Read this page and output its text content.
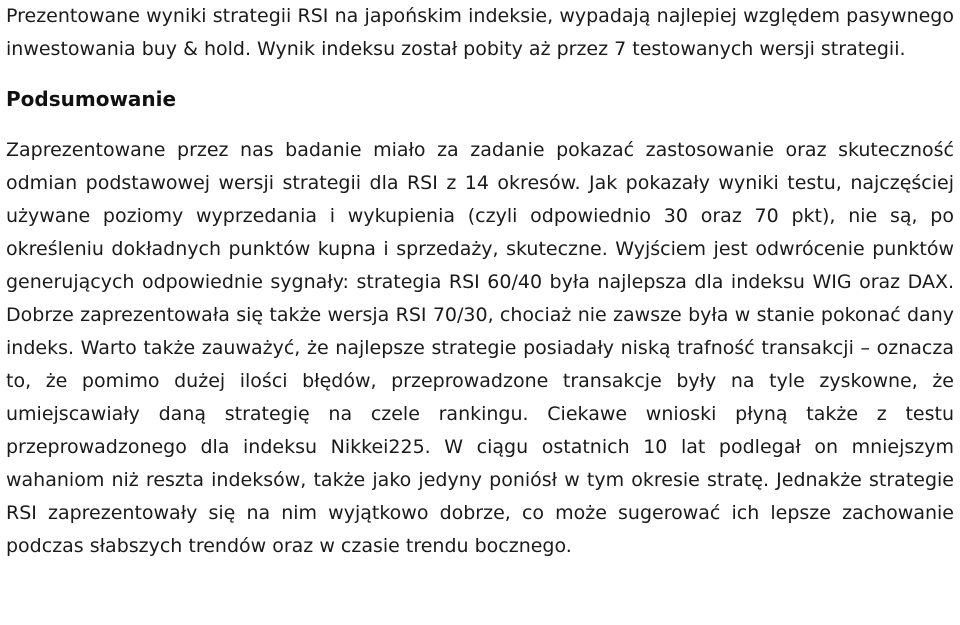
Prezentowane wyniki strategii RSI na japońskim indeksie, wypadają najlepiej względem pasywnego inwestowania buy & hold. Wynik indeksu został pobity aż przez 7 testowanych wersji strategii.

Podsumowanie

Zaprezentowane przez nas badanie miało za zadanie pokazać zastosowanie oraz skuteczność odmian podstawowej wersji strategii dla RSI z 14 okresów. Jak pokazały wyniki testu, najczęściej używane poziomy wyprzedania i wykupienia (czyli odpowiednio 30 oraz 70 pkt), nie są, po określeniu dokładnych punktów kupna i sprzedaży, skuteczne. Wyjściem jest odwrócenie punktów generujących odpowiednie sygnały: strategia RSI 60/40 była najlepsza dla indeksu WIG oraz DAX. Dobrze zaprezentowała się także wersja RSI 70/30, chociaż nie zawsze była w stanie pokonać dany indeks. Warto także zauważyć, że najlepsze strategie posiadały niską trafność transakcji – oznacza to, że pomimo dużej ilości błędów, przeprowadzone transakcje były na tyle zyskowne, że umiejscawiały daną strategię na czele rankingu. Ciekawe wnioski płyną także z testu przeprowadzonego dla indeksu Nikkei225. W ciągu ostatnich 10 lat podlegał on mniejszym wahaniom niż reszta indeksów, także jako jedyny poniósł w tym okresie stratę. Jednakże strategie RSI zaprezentowały się na nim wyjątkowo dobrze, co może sugerować ich lepsze zachowanie podczas słabszych trendów oraz w czasie trendu bocznego.
